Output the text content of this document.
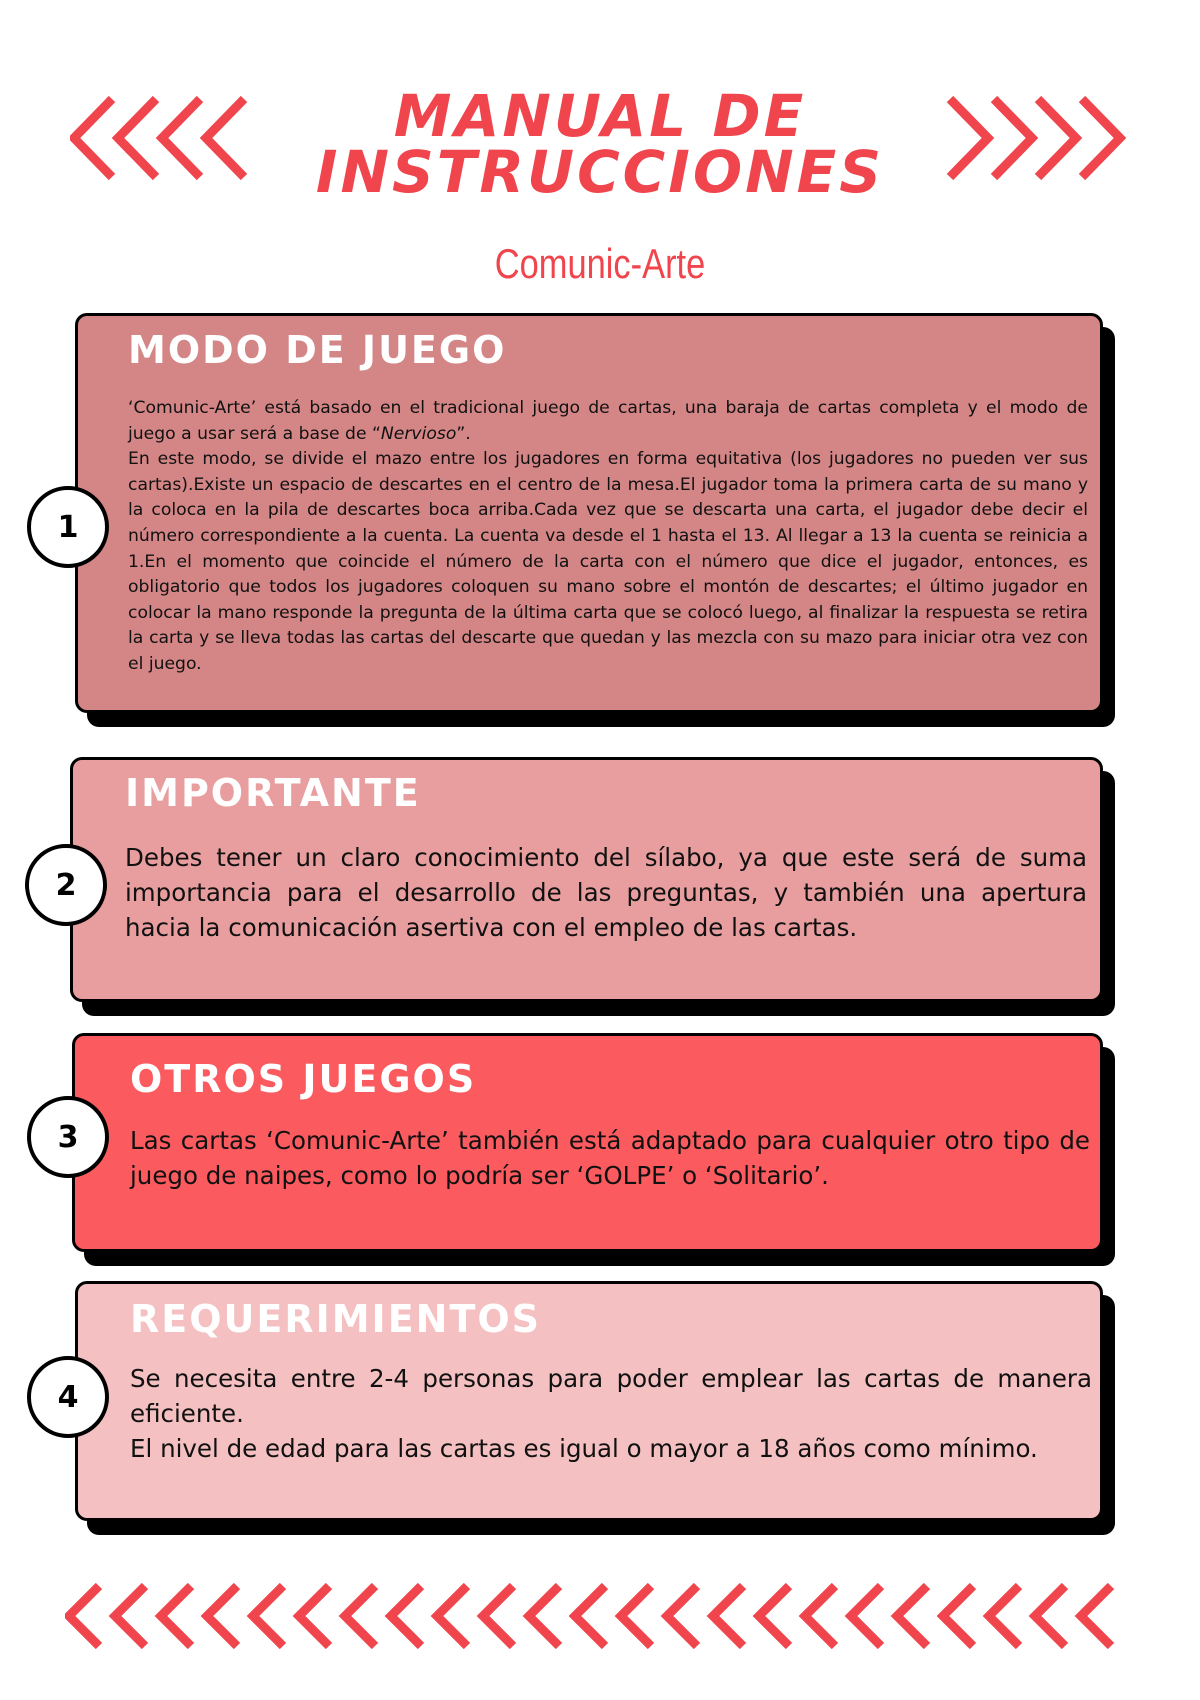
MANUAL DE
INSTRUCCIONES
Comunic-Arte
MODO DE JUEGO

‘Comunic-Arte’ está basado en el tradicional juego de cartas, una baraja de cartas completa y el modo de juego a usar será a base de “Nervioso”.

En este modo, se divide el mazo entre los jugadores en forma equitativa (los jugadores no pueden ver sus cartas).Existe un espacio de descartes en el centro de la mesa.El jugador toma la primera carta de su mano y la coloca en la pila de descartes boca arriba.Cada vez que se descarta una carta, el jugador debe decir el número correspondiente a la cuenta. La cuenta va desde el 1 hasta el 13. Al llegar a 13 la cuenta se reinicia a 1.En el momento que coincide el número de la carta con el número que dice el jugador, entonces, es obligatorio que todos los jugadores coloquen su mano sobre el montón de descartes; el último jugador en colocar la mano responde la pregunta de la última carta que se colocó luego, al finalizar la respuesta se retira la carta y se lleva todas las cartas del descarte que quedan y las mezcla con su mazo para iniciar otra vez con el juego.

1
IMPORTANTE
Debes tener un claro conocimiento del sílabo, ya que este será de suma importancia para el desarrollo de las preguntas, y también una apertura hacia la comunicación asertiva con el empleo de las cartas.
2
OTROS JUEGOS
Las cartas ‘Comunic-Arte’ también está adaptado para cualquier otro tipo de juego de naipes, como lo podría ser ‘GOLPE’ o ‘Solitario’.
3
REQUERIMIENTOS

Se necesita entre 2-4 personas para poder emplear las cartas de manera eficiente.

El nivel de edad para las cartas es igual o mayor a 18 años como mínimo.

4
